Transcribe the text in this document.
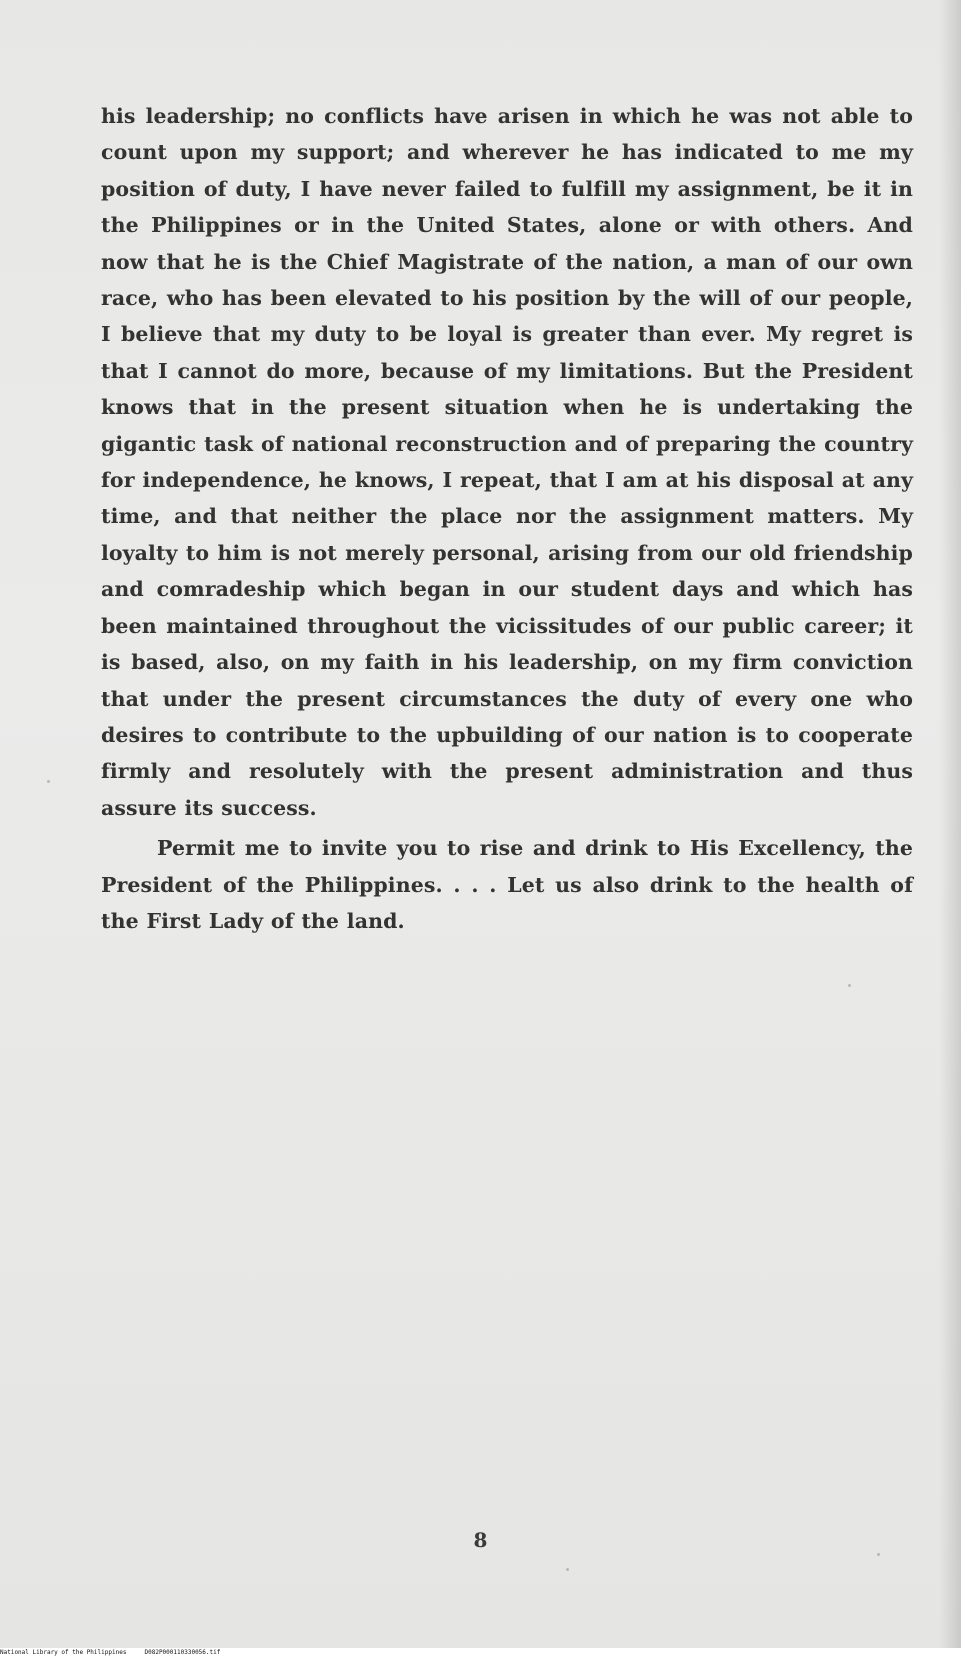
his leadership; no conflicts have arisen in which he was not able to count upon my support; and wherever he has indicated to me my position of duty, I have never failed to fulfill my assignment, be it in the Philippines or in the United States, alone or with others. And now that he is the Chief Magistrate of the nation, a man of our own race, who has been elevated to his position by the will of our people, I believe that my duty to be loyal is greater than ever. My regret is that I cannot do more, because of my limitations. But the President knows that in the present situation when he is undertaking the gigantic task of national reconstruction and of preparing the country for independence, he knows, I repeat, that I am at his disposal at any time, and that neither the place nor the assignment matters. My loyalty to him is not merely personal, arising from our old friendship and comradeship which began in our student days and which has been maintained throughout the vicissitudes of our public career; it is based, also, on my faith in his leadership, on my firm conviction that under the present circumstances the duty of every one who desires to contribute to the upbuilding of our nation is to cooperate firmly and resolutely with the present administration and thus assure its success.

Permit me to invite you to rise and drink to His Excellency, the President of the Philippines. . . . Let us also drink to the health of the First Lady of the land.

8
National Library of the Philippines     D082P000110330056.tif
